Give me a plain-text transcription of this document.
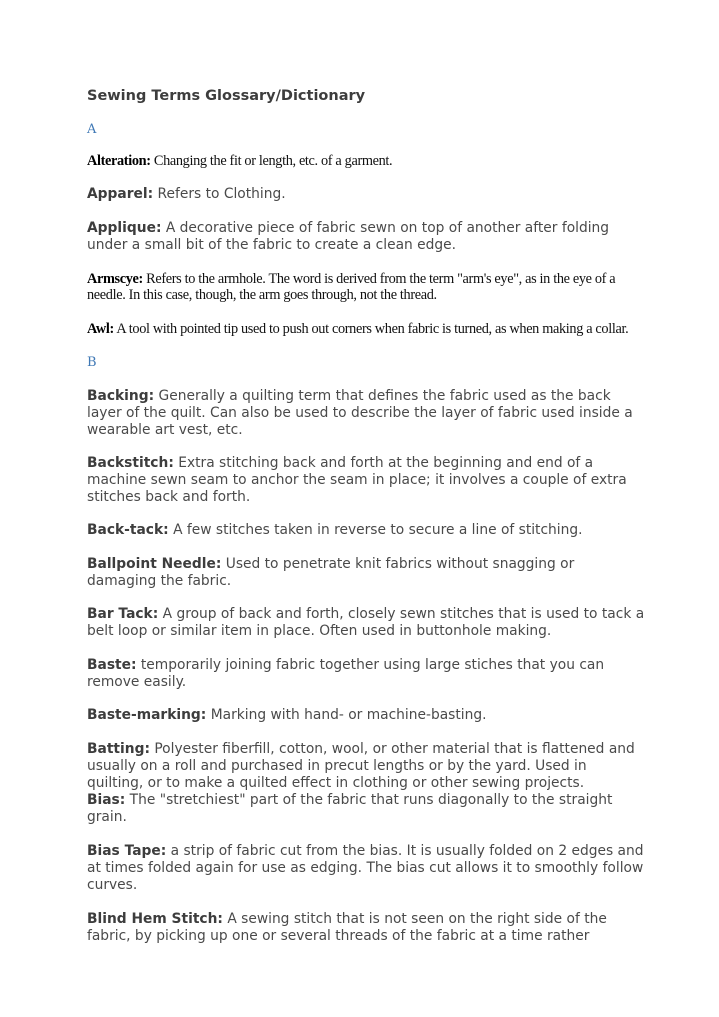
Sewing Terms Glossary/Dictionary
A

Alteration: Changing the fit or length, etc. of a garment.

Apparel: Refers to Clothing.

Applique: A decorative piece of fabric sewn on top of another after folding under a small bit of the fabric to create a clean edge.

Armscye: Refers to the armhole. The word is derived from the term "arm's eye", as in the eye of a needle. In this case, though, the arm goes through, not the thread.

Awl: A tool with pointed tip used to push out corners when fabric is turned, as when making a collar.

B

Backing: Generally a quilting term that defines the fabric used as the back layer of the quilt. Can also be used to describe the layer of fabric used inside a wearable art vest, etc.

Backstitch: Extra stitching back and forth at the beginning and end of a machine sewn seam to anchor the seam in place; it involves a couple of extra stitches back and forth.

Back-tack: A few stitches taken in reverse to secure a line of stitching.

Ballpoint Needle: Used to penetrate knit fabrics without snagging or damaging the fabric.

Bar Tack: A group of back and forth, closely sewn stitches that is used to tack a belt loop or similar item in place. Often used in buttonhole making.

Baste: temporarily joining fabric together using large stiches that you can remove easily.

Baste-marking: Marking with hand- or machine-basting.

Batting: Polyester fiberfill, cotton, wool, or other material that is flattened and usually on a roll and purchased in precut lengths or by the yard. Used in quilting, or to make a quilted effect in clothing or other sewing projects.

Bias: The "stretchiest" part of the fabric that runs diagonally to the straight grain.

Bias Tape: a strip of fabric cut from the bias. It is usually folded on 2 edges and at times folded again for use as edging. The bias cut allows it to smoothly follow curves.

Blind Hem Stitch: A sewing stitch that is not seen on the right side of the fabric, by picking up one or several threads of the fabric at a time rather
